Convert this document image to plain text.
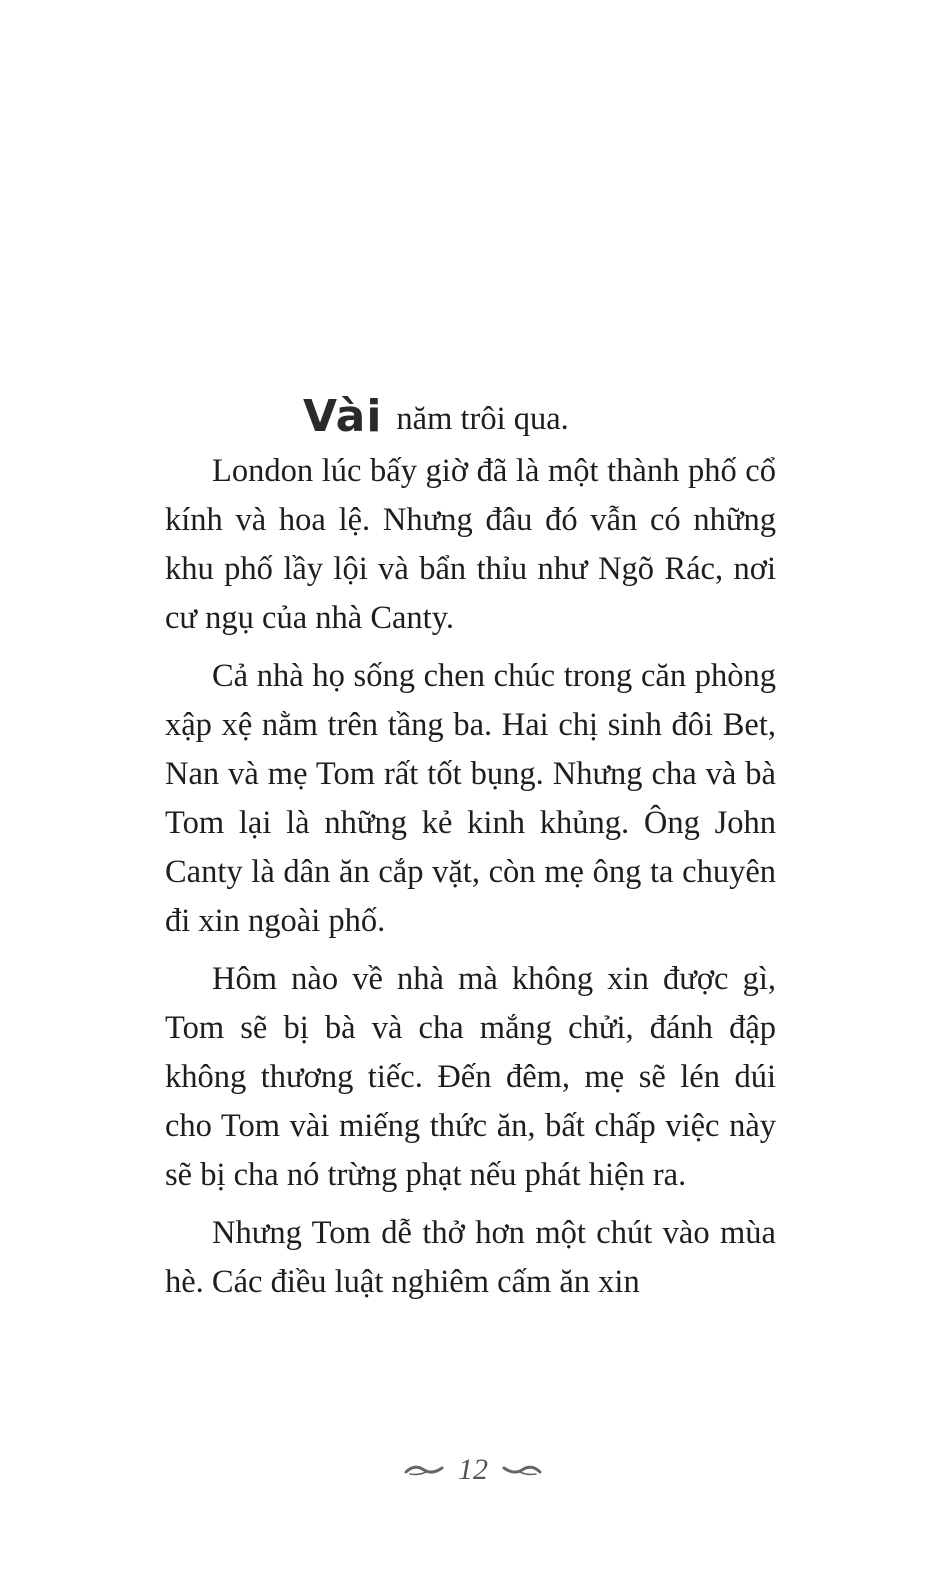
Vài năm trôi qua.

London lúc bấy giờ đã là một thành phố cổ kính và hoa lệ. Nhưng đâu đó vẫn có những khu phố lầy lội và bẩn thỉu như Ngõ Rác, nơi cư ngụ của nhà Canty.

Cả nhà họ sống chen chúc trong căn phòng xập xệ nằm trên tầng ba. Hai chị sinh đôi Bet, Nan và mẹ Tom rất tốt bụng. Nhưng cha và bà Tom lại là những kẻ kinh khủng. Ông John Canty là dân ăn cắp vặt, còn mẹ ông ta chuyên đi xin ngoài phố.

Hôm nào về nhà mà không xin được gì, Tom sẽ bị bà và cha mắng chửi, đánh đập không thương tiếc. Đến đêm, mẹ sẽ lén dúi cho Tom vài miếng thức ăn, bất chấp việc này sẽ bị cha nó trừng phạt nếu phát hiện ra.

Nhưng Tom dễ thở hơn một chút vào mùa hè. Các điều luật nghiêm cấm ăn xin

12
